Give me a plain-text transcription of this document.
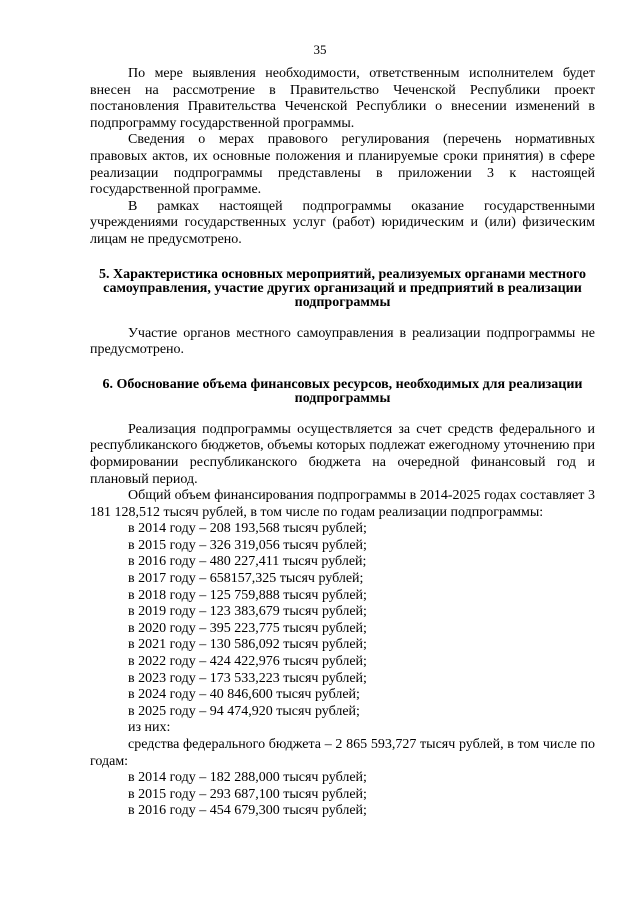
35

По мере выявления необходимости, ответственным исполнителем будет внесен на рассмотрение в Правительство Чеченской Республики проект постановления Правительства Чеченской Республики о внесении изменений в подпрограмму государственной программы.

Сведения о мерах правового регулирования (перечень нормативных правовых актов, их основные положения и планируемые сроки принятия) в сфере реализации подпрограммы представлены в приложении 3 к настоящей государственной программе.

В рамках настоящей подпрограммы оказание государственными учреждениями государственных услуг (работ) юридическим и (или) физическим лицам не предусмотрено.

5. Характеристика основных мероприятий, реализуемых органами местного самоуправления, участие других организаций и предприятий в реализации подпрограммы

Участие органов местного самоуправления в реализации подпрограммы не предусмотрено.

6. Обоснование объема финансовых ресурсов, необходимых для реализации подпрограммы

Реализация подпрограммы осуществляется за счет средств федерального и республиканского бюджетов, объемы которых подлежат ежегодному уточнению при формировании республиканского бюджета на очередной финансовый год и плановый период.

Общий объем финансирования подпрограммы в 2014-2025 годах составляет 3 181 128,512 тысяч рублей, в том числе по годам реализации подпрограммы:

в 2014 году – 208 193,568 тысяч рублей;
в 2015 году – 326 319,056 тысяч рублей;
в 2016 году – 480 227,411 тысяч рублей;
в 2017 году – 658157,325 тысяч рублей;
в 2018 году – 125 759,888 тысяч рублей;
в 2019 году – 123 383,679 тысяч рублей;
в 2020 году – 395 223,775 тысяч рублей;
в 2021 году – 130 586,092 тысяч рублей;
в 2022 году – 424 422,976 тысяч рублей;
в 2023 году – 173 533,223 тысяч рублей;
в 2024 году – 40 846,600 тысяч рублей;
в 2025 году – 94 474,920 тысяч рублей;
из них:

средства федерального бюджета – 2 865 593,727 тысяч рублей, в том числе по годам:

в 2014 году – 182 288,000 тысяч рублей;
в 2015 году – 293 687,100 тысяч рублей;
в 2016 году – 454 679,300 тысяч рублей;
